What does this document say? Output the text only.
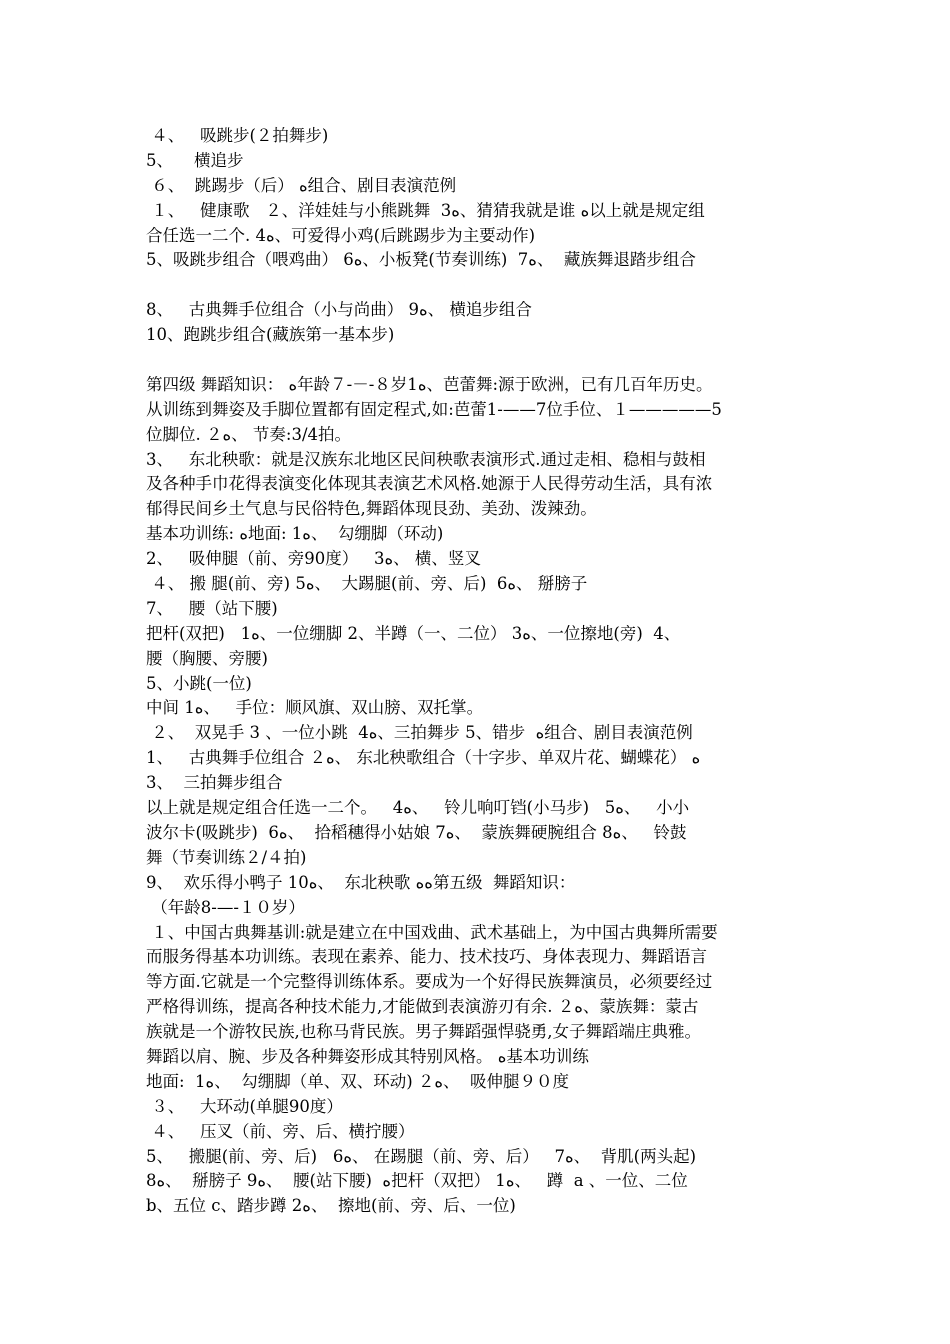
４、   吸跳步(２拍舞步)
5、    横追步
６、  跳踢步（后） ﻩ组合、剧目表演范例
１、   健康歌   ２、洋娃娃与小熊跳舞  3ﻩ、猜猜我就是谁 ﻩ以上就是规定组
合任选一二个. 4ﻩ、可爱得小鸡(后跳踢步为主要动作)
5、吸跳步组合（喂鸡曲） 6ﻩ、小板凳(节奏训练)  7ﻩ、  藏族舞退踏步组合
8、   古典舞手位组合（小与尚曲） 9ﻩ、 横追步组合
10、跑跳步组合(藏族第一基本步)
第四级 舞蹈知识： ﻩ年龄７-－-８岁1ﻩ、芭蕾舞:源于欧洲，已有几百年历史。
从训练到舞姿及手脚位置都有固定程式,如:芭蕾1-——7位手位、１—————5
位脚位. ２ﻩ、 节奏:3/4拍。
3、   东北秧歌：就是汉族东北地区民间秧歌表演形式.通过走相、稳相与鼓相
及各种手巾花得表演变化体现其表演艺术风格.她源于人民得劳动生活，具有浓
郁得民间乡土气息与民俗特色,舞蹈体现艮劲、美劲、泼辣劲。
基本功训练: ﻩ地面: 1ﻩ、  勾绷脚（环动)
2、   吸伸腿（前、旁90度）   3ﻩ、 横、竖叉
４、 搬 腿(前、旁) 5ﻩ、  大踢腿(前、旁、后)  6ﻩ、 掰膀子
7、   腰（站下腰)
把杆(双把)   1ﻩ、一位绷脚 2、半蹲（一、二位） 3ﻩ、一位擦地(旁)  4、
腰（胸腰、旁腰)
5、小跳(一位)
中间 1ﻩ、   手位：顺风旗、双山膀、双托掌。
２、  双晃手 3 、一位小跳  4ﻩ、三拍舞步 5、错步  ﻩ组合、剧目表演范例
1、   古典舞手位组合 ２ﻩ、 东北秧歌组合（十字步、单双片花、蝴蝶花） ﻩ
3、  三拍舞步组合
以上就是规定组合任选一二个。   4ﻩ、   铃儿响叮铛(小马步)   5ﻩ、   小小
波尔卡(吸跳步)  6ﻩ、  拾稻穗得小姑娘 7ﻩ、  蒙族舞硬腕组合 8ﻩ、   铃鼓
舞（节奏训练２/４拍)
9、  欢乐得小鸭子 10ﻩ、  东北秧歌 ﻩﻩ第五级  舞蹈知识：
（年龄8-—-１０岁）
１、中国古典舞基训:就是建立在中国戏曲、武术基础上，为中国古典舞所需要
而服务得基本功训练。表现在素养、能力、技术技巧、身体表现力、舞蹈语言
等方面.它就是一个完整得训练体系。要成为一个好得民族舞演员，必须要经过
严格得训练，提高各种技术能力,才能做到表演游刃有余. ２ﻩ、蒙族舞：蒙古
族就是一个游牧民族,也称马背民族。男子舞蹈强悍骁勇,女子舞蹈端庄典雅。
舞蹈以肩、腕、步及各种舞姿形成其特别风格。 ﻩ基本功训练
地面:  1ﻩ、  勾绷脚（单、双、环动) ２ﻩ、  吸伸腿９０度
３、   大环动(单腿90度）
４、   压叉（前、旁、后、横拧腰）
5、   搬腿(前、旁、后)   6ﻩ、 在踢腿（前、旁、后）   7ﻩ、  背肌(两头起)
8ﻩ、  掰膀子 9ﻩ、  腰(站下腰)  ﻩ把杆（双把） 1ﻩ、   蹲  a 、一位、二位
b、五位 c、踏步蹲 2ﻩ、  擦地(前、旁、后、一位)
